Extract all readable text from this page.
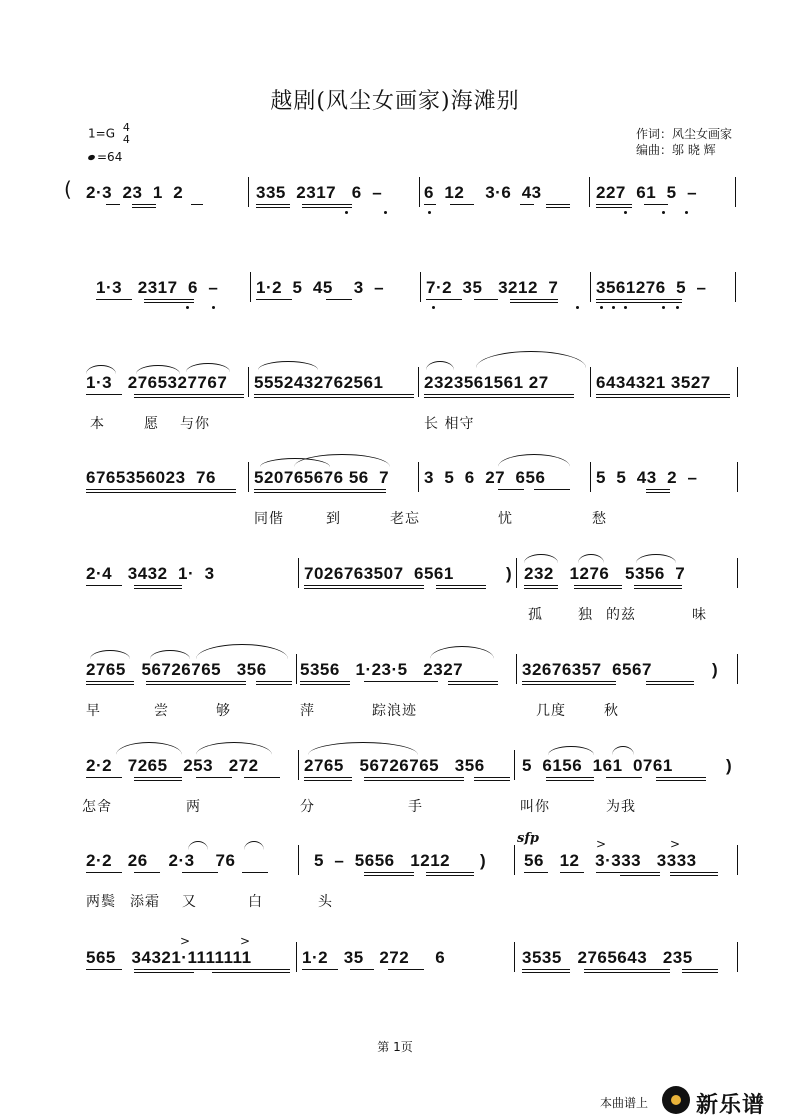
越剧(风尘女画家)海滩别
1=G 4
4
=64
作词：风尘女画家
编曲：邬 晓 辉
( 2·3  23  1  2	335  2317   6  – 6  12    3·6  43	227  61  5  –
1·3   2317  6  – 1·2  5  45    3  – 7·2  35   3212  7 3561276  5  –
1·3   2765327767 5552432762561 2323561561 27	6434321 3527
本	愿 与你	长 相守
6765356023  76 520765676 56  7 3  5  6  27  656	5  5  43  2  –
同偕	到	老忘	忧	愁
2·4   3432  1·  3	7026763507  6561	) 232   1276   5356  7
孤	独 的兹	味
2765   56726765   356 5356   1·23·5   2327	32676357  6567	)
早	尝	够	萍	踪浪迹	几度	秋
2·2   7265   253   272	2765   56726765   356 5  6156  161  0761	)
怎舍	两	分	手	叫你	为我
sfp	>	>
2·2   26    2·3    76	5  –  5656   1212 ) 56   12   3·333   3333
两鬓 添霜 又	白	头
>	>
565   34321·1111111	1·2   35   272     6	3535   2765643   235
第 1页
本曲谱上 新乐谱
